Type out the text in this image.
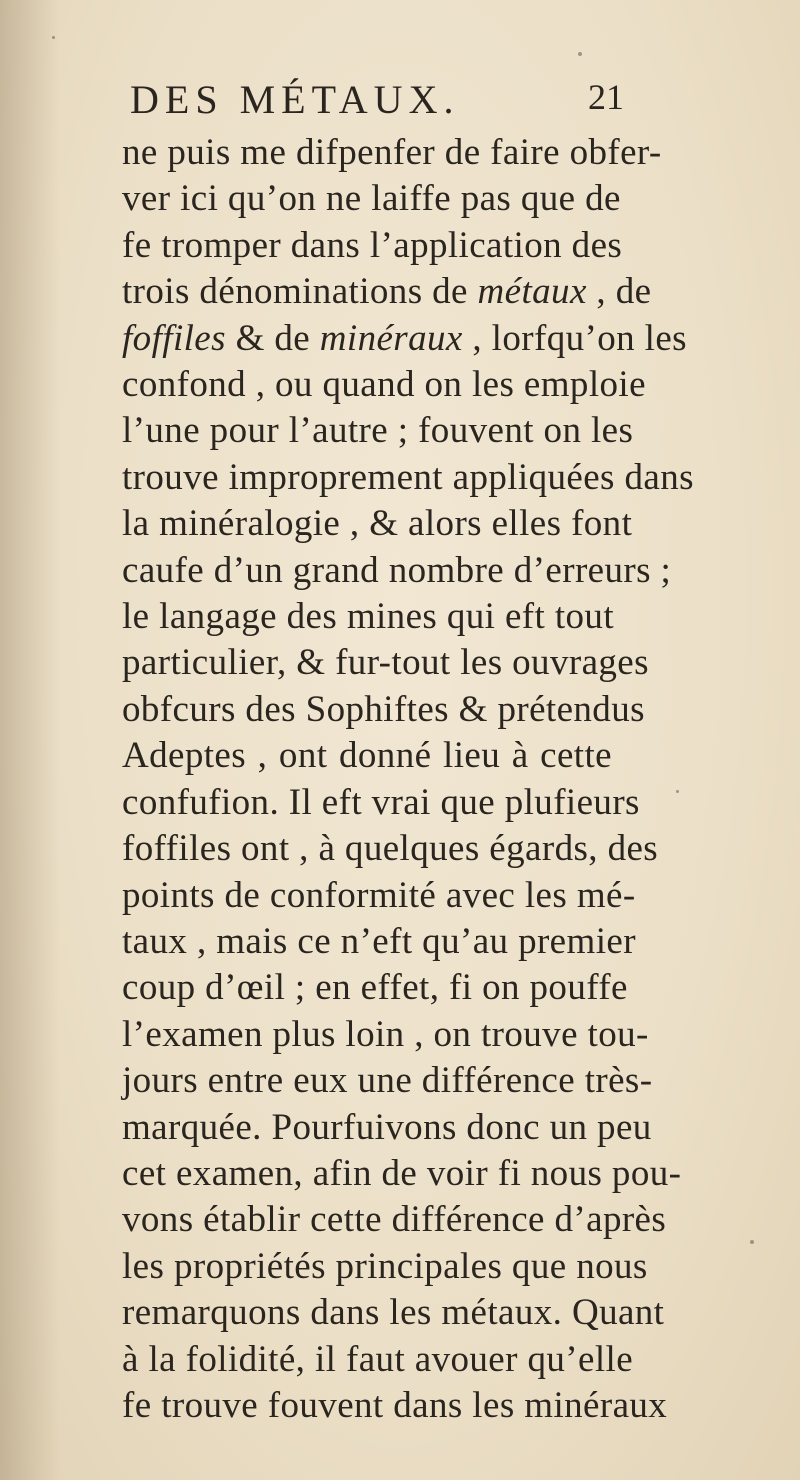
DES MÉTAUX.	21
ne puis me difpenfer de faire obfer-
ver ici qu’on ne laiffe pas que de
fe tromper dans l’application des
trois dénominations de métaux , de
foffiles & de minéraux , lorfqu’on les
confond , ou quand on les emploie
l’une pour l’autre ; fouvent on les
trouve improprement appliquées dans
la minéralogie , & alors elles font
caufe d’un grand nombre d’erreurs ;
le langage des mines qui eft tout
particulier, & fur-tout les ouvrages
obfcurs des Sophiftes & prétendus
Adeptes , ont donné lieu à cette
confufion. Il eft vrai que plufieurs
foffiles ont , à quelques égards, des
points de conformité avec les mé-
taux , mais ce n’eft qu’au premier
coup d’œil ; en effet, fi on pouffe
l’examen plus loin , on trouve tou-
jours entre eux une différence très-
marquée. Pourfuivons donc un peu
cet examen, afin de voir fi nous pou-
vons établir cette différence d’après
les propriétés principales que nous
remarquons dans les métaux. Quant
à la folidité, il faut avouer qu’elle
fe trouve fouvent dans les minéraux
